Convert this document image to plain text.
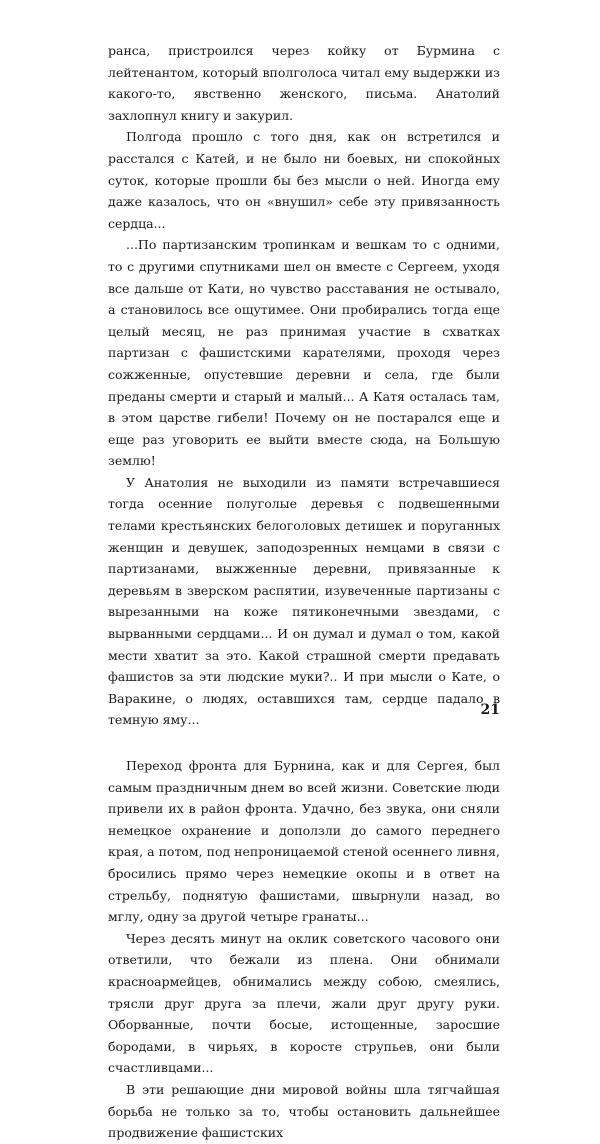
ранса, пристроился через койку от Бурмина с лейтенантом, который вполголоса читал ему выдержки из какого-то, явственно женского, письма. Анатолий захлопнул книгу и закурил.

Полгода прошло с того дня, как он встретился и расстался с Катей, и не было ни боевых, ни спокойных суток, которые прошли бы без мысли о ней. Иногда ему даже казалось, что он «внушил» себе эту привязанность сердца...

...По партизанским тропинкам и вешкам то с одними, то с другими спутниками шел он вместе с Сергеем, уходя все дальше от Кати, но чувство расставания не остывало, а становилось все ощутимее. Они пробирались тогда еще целый месяц, не раз принимая участие в схватках партизан с фашистскими карателями, проходя через сожженные, опустевшие деревни и села, где были преданы смерти и старый и малый... А Катя осталась там, в этом царстве гибели! Почему он не постарался еще и еще раз уговорить ее выйти вместе сюда, на Большую землю!

У Анатолия не выходили из памяти встречавшиеся тогда осенние полуголые деревья с подвешенными телами крестьянских белоголовых детишек и поруганных женщин и девушек, заподозренных немцами в связи с партизанами, выжженные деревни, привязанные к деревьям в зверском распятии, изувеченные партизаны с вырезанными на коже пятиконечными звездами, с вырванными сердцами... И он думал и думал о том, какой мести хватит за это. Какой страшной смерти предавать фашистов за эти людские муки?.. И при мысли о Кате, о Варакине, о людях, оставшихся там, сердце падало в темную яму...

Переход фронта для Бурнина, как и для Сергея, был самым праздничным днем во всей жизни. Советские люди привели их в район фронта. Удачно, без звука, они сняли немецкое охранение и доползли до самого переднего края, а потом, под непроницаемой стеной осеннего ливня, бросились прямо через немецкие окопы и в ответ на стрельбу, поднятую фашистами, швырнули назад, во мглу, одну за другой четыре гранаты...

Через десять минут на оклик советского часового они ответили, что бежали из плена. Они обнимали красноармейцев, обнимались между собою, смеялись, трясли друг друга за плечи, жали друг другу руки. Оборванные, почти босые, истощенные, заросшие бородами, в чирьях, в коросте струпьев, они были счастливцами...

В эти решающие дни мировой войны шла тягчайшая борьба не только за то, чтобы остановить дальнейшее продвижение фашистских

21
